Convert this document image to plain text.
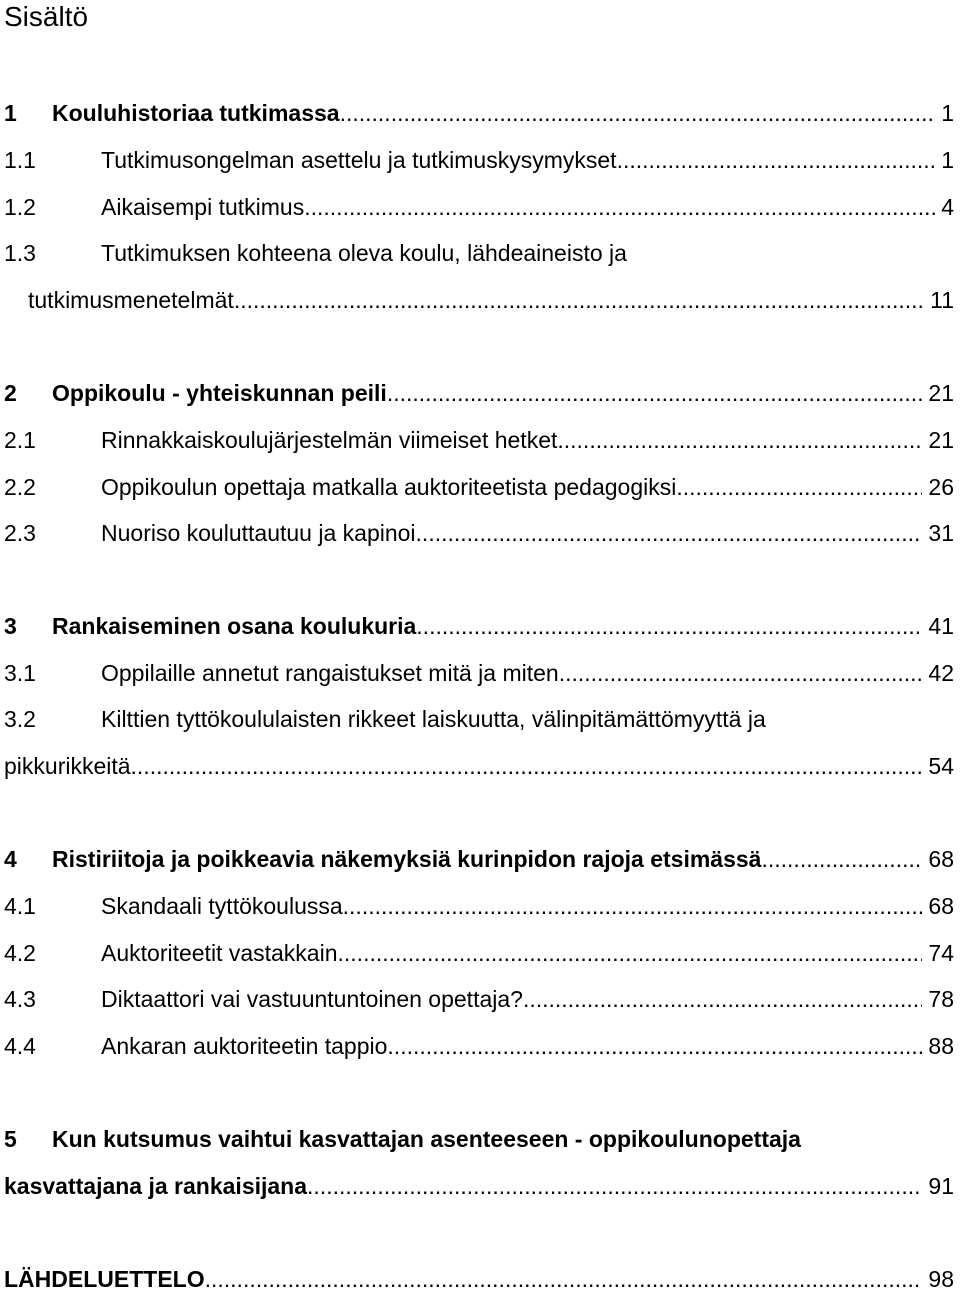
Sisältö
1 Kouluhistoriaa tutkimassa .....	1
1.1	Tutkimusongelman asettelu ja tutkimuskysymykset .....	1
1.2	Aikaisempi tutkimus. .....	4
1.3	Tutkimuksen kohteena oleva koulu, lähdeaineisto ja
tutkimusmenetelmät .....	11
2 Oppikoulu - yhteiskunnan peili .....	21
2.1	Rinnakkaiskoulujärjestelmän viimeiset hetket .....	21
2.2	Oppikoulun opettaja matkalla auktoriteetista pedagogiksi .....	26
2.3	Nuoriso kouluttautuu ja kapinoi .....	31
3 Rankaiseminen osana koulukuria .....	41
3.1	Oppilaille annetut rangaistukset mitä ja miten .....	42
3.2	Kilttien tyttökoululaisten rikkeet laiskuutta, välinpitämättömyyttä ja
pikkurikkeitä .....	54
4 Ristiriitoja ja poikkeavia näkemyksiä kurinpidon rajoja etsimässä .....	68
4.1	Skandaali tyttökoulussa .....	68
4.2	Auktoriteetit vastakkain .....	74
4.3	Diktaattori vai vastuuntuntoinen opettaja? .....	78
4.4	Ankaran auktoriteetin tappio .....	88
5 Kun kutsumus vaihtui kasvattajan asenteeseen - oppikoulunopettaja
kasvattajana ja rankaisijana .....	91
LÄHDELUETTELO .....	98
